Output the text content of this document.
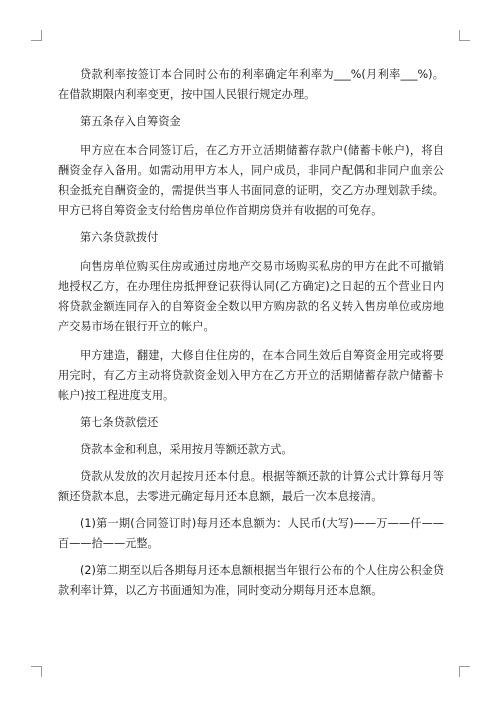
贷款利率按签订本合同时公布的利率确定年利率为___%(月利率___%)。在借款期限内利率变更，按中国人民银行规定办理。

第五条存入自筹资金

甲方应在本合同签订后，在乙方开立活期储蓄存款户(储蓄卡帐户)，将自酬资金存入备用。如需动用甲方本人，同户成员，非同户配偶和非同户血亲公积金抵充自酬资金的，需提供当事人书面同意的证明，交乙方办理划款手续。甲方已将自筹资金支付给售房单位作首期房贷并有收据的可免存。

第六条贷款拨付

向售房单位购买住房或通过房地产交易市场购买私房的甲方在此不可撤销地授权乙方，在办理住房抵押登记获得认同(乙方确定)之日起的五个营业日内将贷款金额连同存入的自筹资金全数以甲方购房款的名义转入售房单位或房地产交易市场在银行开立的帐户。

甲方建造，翻建，大修自住住房的，在本合同生效后自筹资金用完或将要用完时，有乙方主动将贷款资金划入甲方在乙方开立的活期储蓄存款户储蓄卡帐户)按工程进度支用。

第七条贷款偿还

贷款本金和利息，采用按月等额还款方式。

贷款从发放的次月起按月还本付息。根据等额还款的计算公式计算每月等额还贷款本息，去零进元确定每月还本息额，最后一次本息接清。

(1)第一期(合同签订时)每月还本息额为：人民币(大写)——万——仟——百——拾——元整。

(2)第二期至以后各期每月还本息额根据当年银行公布的个人住房公积金贷款利率计算，以乙方书面通知为准，同时变动分期每月还本息额。
